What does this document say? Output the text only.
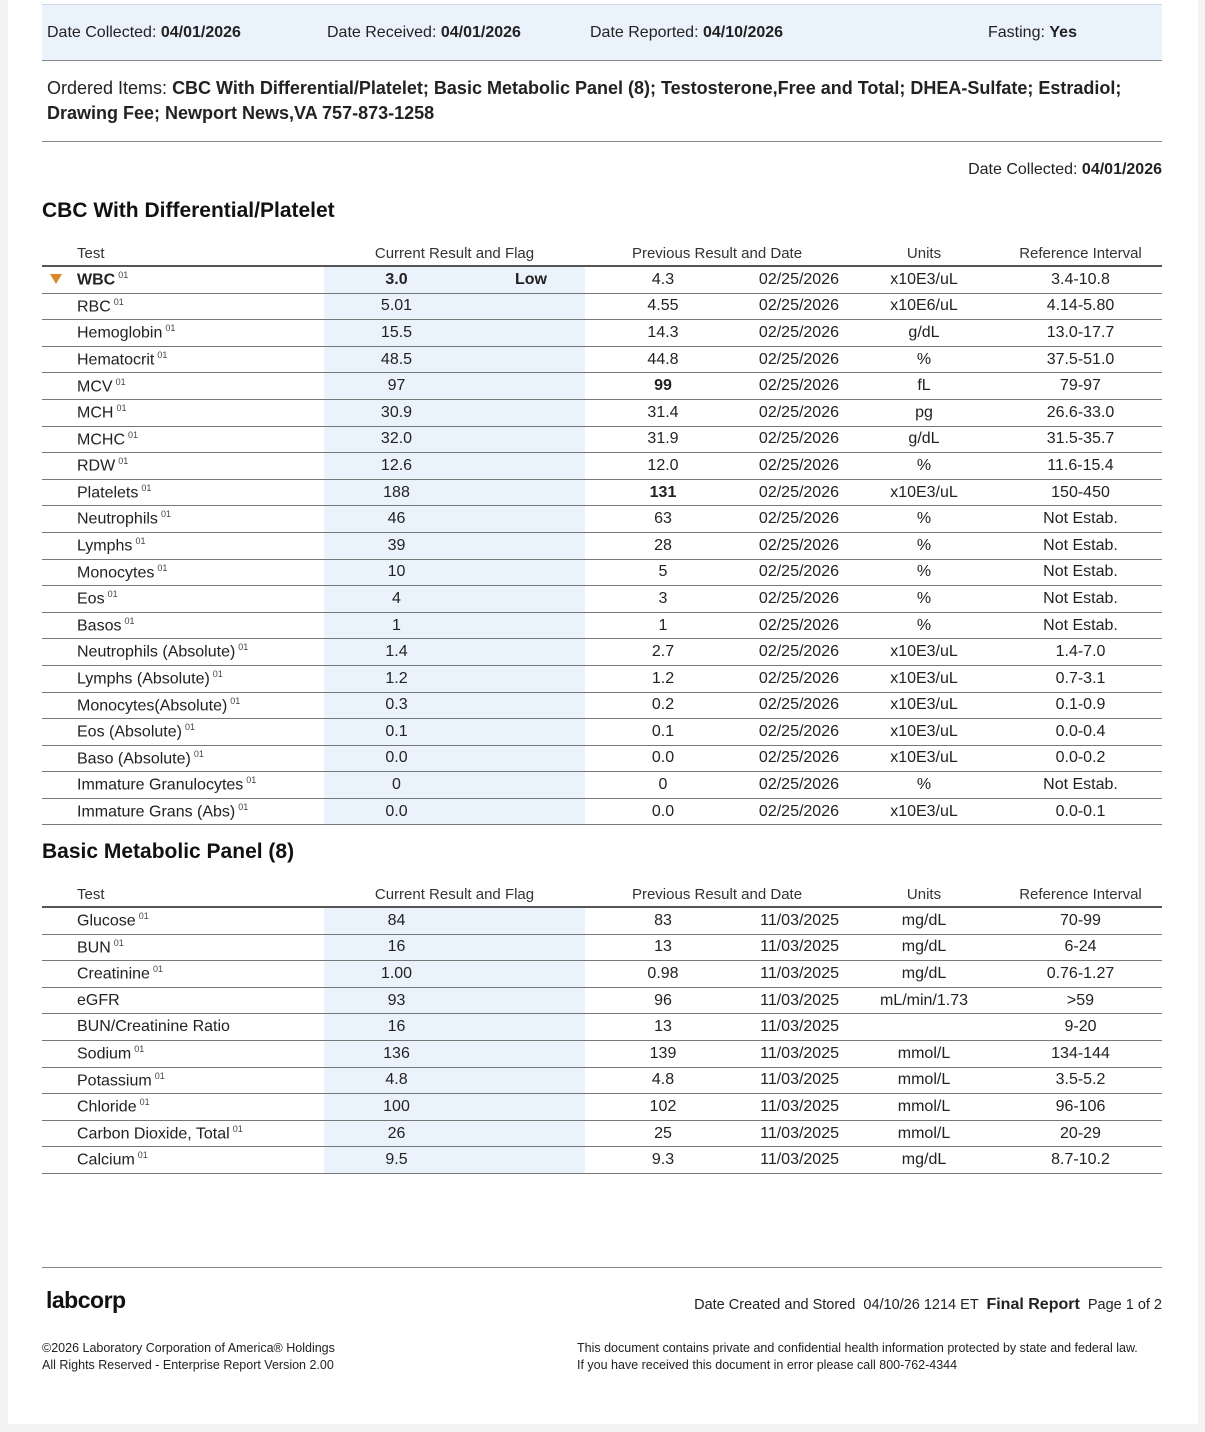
Date Collected: 04/01/2026	Date Received: 04/01/2026	Date Reported: 04/10/2026	Fasting: Yes
Ordered Items: CBC With Differential/Platelet; Basic Metabolic Panel (8); Testosterone,Free and Total; DHEA-Sulfate; Estradiol; Drawing Fee; Newport News,VA 757-873-1258
Date Collected: 04/01/2026
CBC With Differential/Platelet
Test	Current Result and Flag		Previous Result and Date		Units	Reference Interval

WBC $^{01}$	3.0	Low	4.3	02/25/2026	x10E3/uL	3.4-10.8
RBC $^{01}$	5.01		4.55	02/25/2026	x10E6/uL	4.14-5.80
Hemoglobin $^{01}$	15.5		14.3	02/25/2026	g/dL	13.0-17.7
Hematocrit $^{01}$	48.5		44.8	02/25/2026	%	37.5-51.0
MCV $^{01}$	97		99	02/25/2026	fL	79-97
MCH $^{01}$	30.9		31.4	02/25/2026	pg	26.6-33.0
MCHC $^{01}$	32.0		31.9	02/25/2026	g/dL	31.5-35.7
RDW $^{01}$	12.6		12.0	02/25/2026	%	11.6-15.4
Platelets $^{01}$	188		131	02/25/2026	x10E3/uL	150-450
Neutrophils $^{01}$	46		63	02/25/2026	%	Not Estab.
Lymphs $^{01}$	39		28	02/25/2026	%	Not Estab.
Monocytes $^{01}$	10		5	02/25/2026	%	Not Estab.
Eos $^{01}$	4		3	02/25/2026	%	Not Estab.
Basos $^{01}$	1		1	02/25/2026	%	Not Estab.
Neutrophils (Absolute) $^{01}$	1.4		2.7	02/25/2026	x10E3/uL	1.4-7.0
Lymphs (Absolute) $^{01}$	1.2		1.2	02/25/2026	x10E3/uL	0.7-3.1
Monocytes(Absolute) $^{01}$	0.3		0.2	02/25/2026	x10E3/uL	0.1-0.9
Eos (Absolute) $^{01}$	0.1		0.1	02/25/2026	x10E3/uL	0.0-0.4
Baso (Absolute) $^{01}$	0.0		0.0	02/25/2026	x10E3/uL	0.0-0.2
Immature Granulocytes $^{01}$	0		0	02/25/2026	%	Not Estab.
Immature Grans (Abs) $^{01}$	0.0		0.0	02/25/2026	x10E3/uL	0.0-0.1
Basic Metabolic Panel (8)
Test	Current Result and Flag		Previous Result and Date		Units	Reference Interval
Glucose $^{01}$	84		83	11/03/2025	mg/dL	70-99
BUN $^{01}$	16		13	11/03/2025	mg/dL	6-24
Creatinine $^{01}$	1.00		0.98	11/03/2025	mg/dL	0.76-1.27
eGFR	93		96	11/03/2025	mL/min/1.73	>59
BUN/Creatinine Ratio	16		13	11/03/2025		9-20
Sodium $^{01}$	136		139	11/03/2025	mmol/L	134-144
Potassium $^{01}$	4.8		4.8	11/03/2025	mmol/L	3.5-5.2
Chloride $^{01}$	100		102	11/03/2025	mmol/L	96-106
Carbon Dioxide, Total $^{01}$	26		25	11/03/2025	mmol/L	20-29
Calcium $^{01}$	9.5		9.3	11/03/2025	mg/dL	8.7-10.2
labcorp	Date Created and Stored 04/10/26 1214 ET Final Report Page 1 of 2
©2026 Laboratory Corporation of America® Holdings
All Rights Reserved - Enterprise Report Version 2.00
This document contains private and confidential health information protected by state and federal law.
If you have received this document in error please call 800-762-4344
